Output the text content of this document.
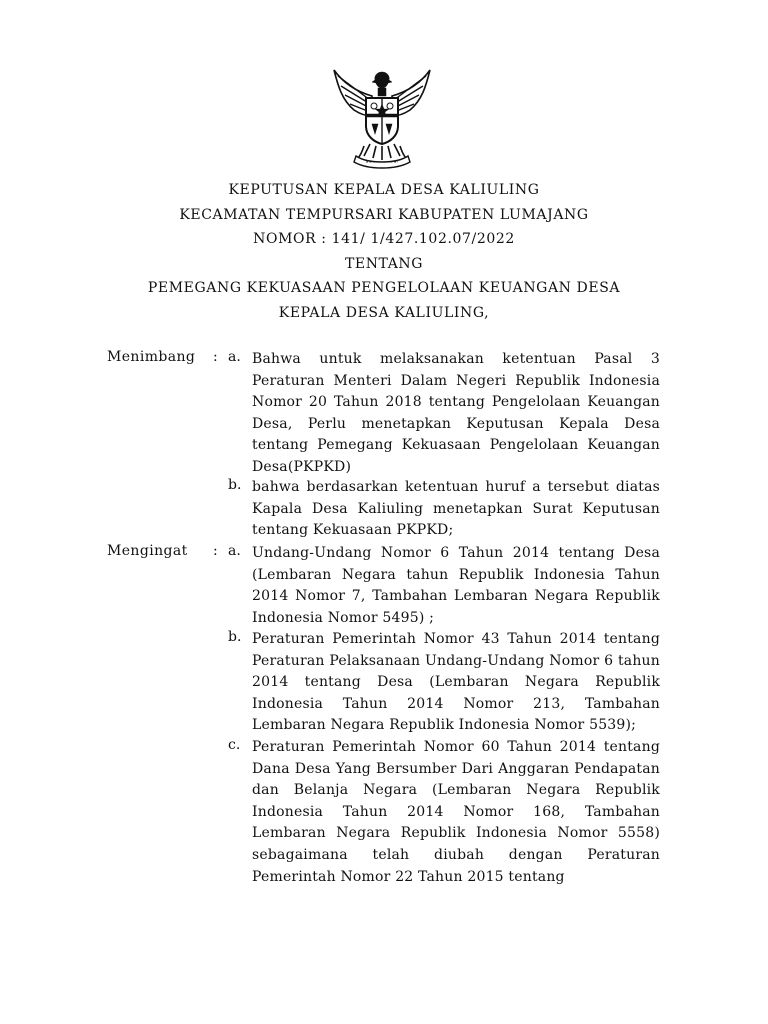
KEPUTUSAN KEPALA DESA KALIULING
KECAMATAN TEMPURSARI KABUPATEN LUMAJANG
NOMOR : 141/ 1/427.102.07/2022
TENTANG
PEMEGANG KEKUASAAN PENGELOLAAN KEUANGAN DESA
KEPALA DESA KALIULING,
Menimbang	: a. Bahwa untuk melaksanakan ketentuan Pasal 3 Peraturan Menteri Dalam Negeri Republik Indonesia Nomor 20 Tahun 2018 tentang Pengelolaan Keuangan Desa, Perlu menetapkan Keputusan Kepala Desa tentang Pemegang Kekuasaan Pengelolaan Keuangan Desa(PKPKD)
b. bahwa berdasarkan ketentuan huruf a tersebut diatas Kapala Desa Kaliuling menetapkan Surat Keputusan tentang Kekuasaan PKPKD;
Mengingat	: a. Undang-Undang Nomor 6 Tahun 2014 tentang Desa (Lembaran Negara tahun Republik Indonesia Tahun 2014 Nomor 7, Tambahan Lembaran Negara Republik Indonesia Nomor 5495) ;
b. Peraturan Pemerintah Nomor 43 Tahun 2014 tentang Peraturan Pelaksanaan Undang-Undang Nomor 6 tahun 2014 tentang Desa (Lembaran Negara Republik Indonesia Tahun 2014 Nomor 213, Tambahan Lembaran Negara Republik Indonesia Nomor 5539);
c. Peraturan Pemerintah Nomor 60 Tahun 2014 tentang Dana Desa Yang Bersumber Dari Anggaran Pendapatan dan Belanja Negara (Lembaran Negara Republik Indonesia Tahun 2014 Nomor 168, Tambahan Lembaran Negara Republik Indonesia Nomor 5558) sebagaimana telah diubah dengan Peraturan Pemerintah Nomor 22 Tahun 2015 tentang
